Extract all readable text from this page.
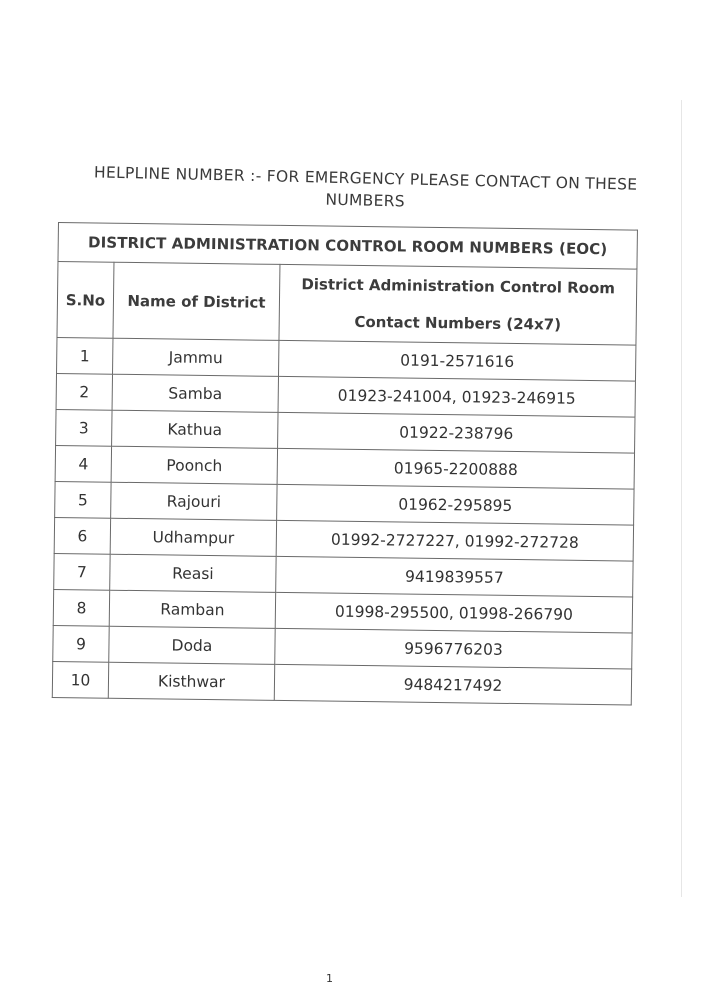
HELPLINE NUMBER :- FOR EMERGENCY PLEASE CONTACT ON THESE
NUMBERS
DISTRICT ADMINISTRATION CONTROL ROOM NUMBERS (EOC)		
S.No	Name of District	District Administration Control Room
Contact Numbers (24x7)

1	Jammu	0191-2571616
2	Samba	01923-241004, 01923-246915
3	Kathua	01922-238796
4	Poonch	01965-2200888
5	Rajouri	01962-295895
6	Udhampur	01992-2727227, 01992-272728
7	Reasi	9419839557
8	Ramban	01998-295500, 01998-266790
9	Doda	9596776203
10	Kisthwar	9484217492
1
